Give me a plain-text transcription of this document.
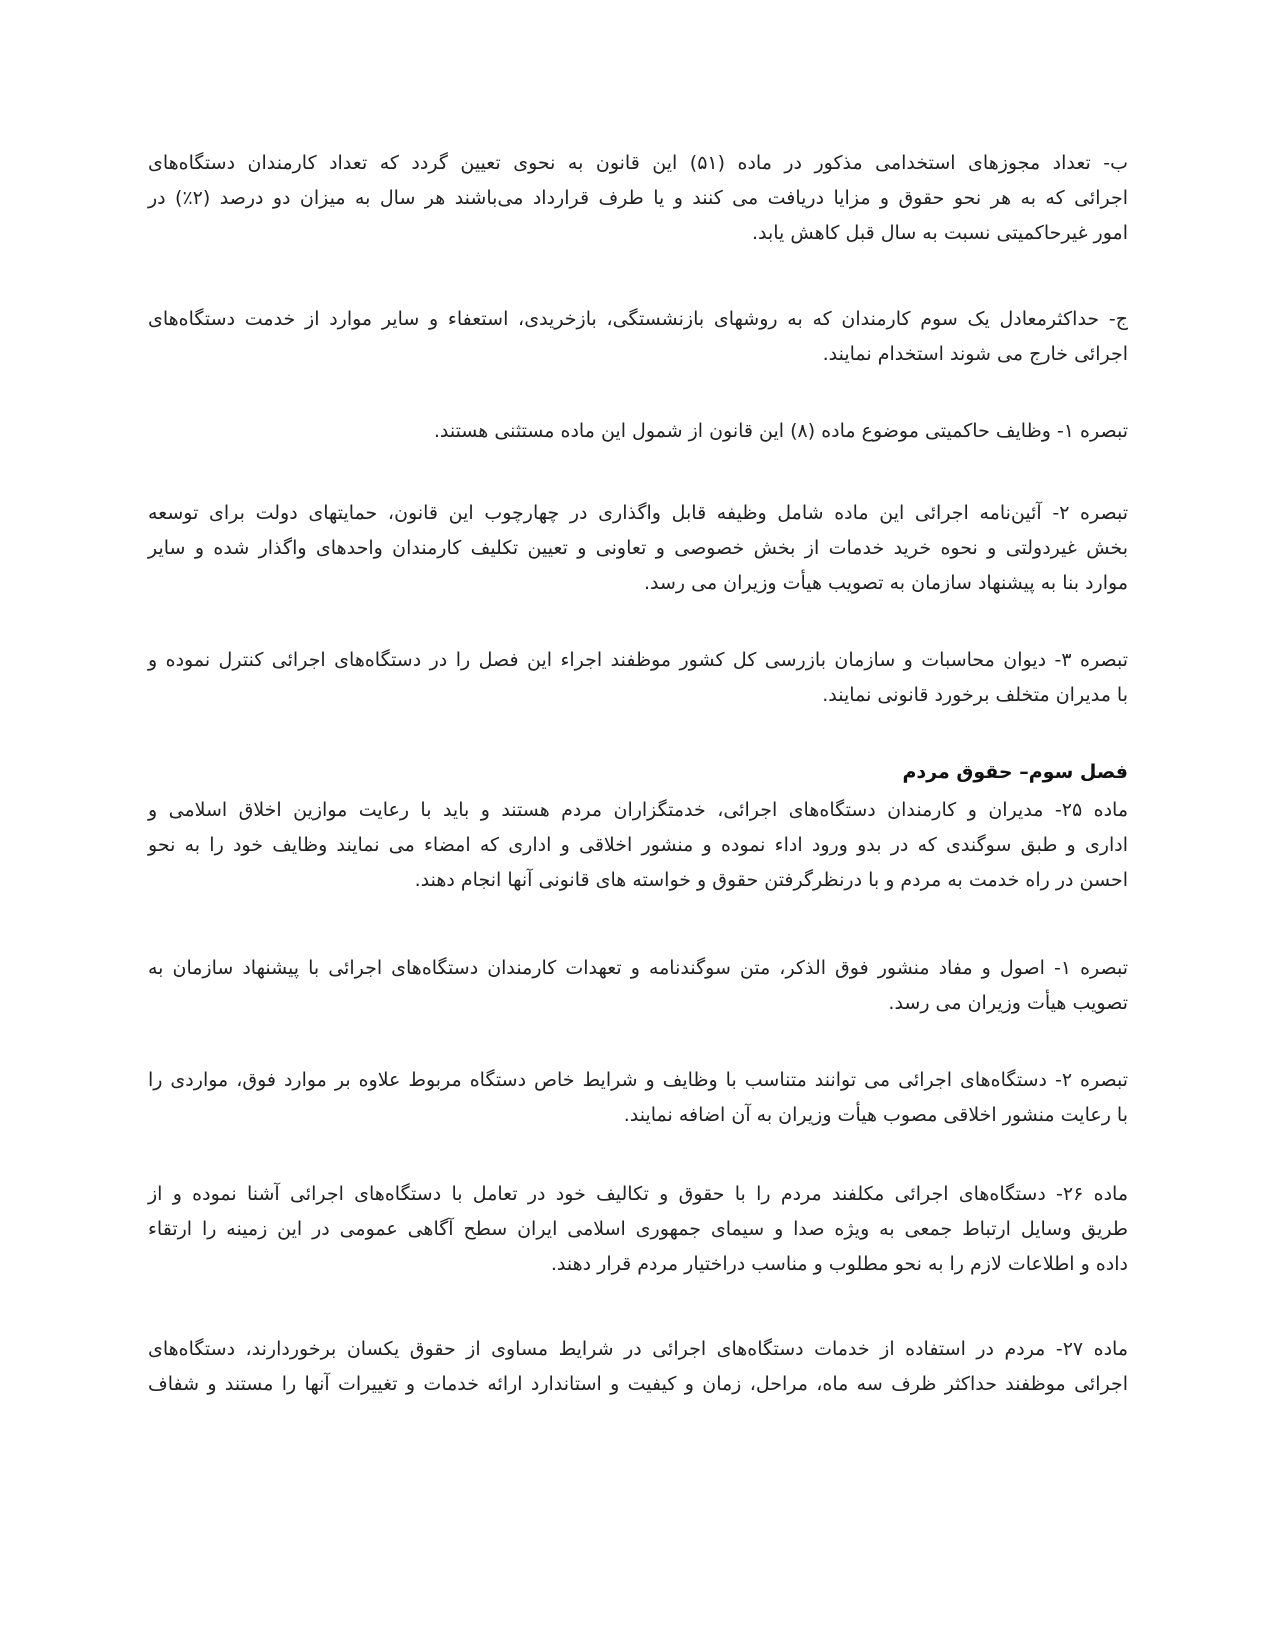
ب- تعداد مجوزهای استخدامی مذکور در ماده (۵۱) این قانون به نحوی تعیین گردد که تعداد کارمندان دستگاه‌های
اجرائی که به هر نحو حقوق و مزایا دریافت می کنند و یا طرف قرارداد می‌باشند هر سال به میزان دو درصد (۲٪) در
امور غیرحاکمیتی نسبت به سال قبل کاهش یابد.
ج- حداکثرمعادل یک سوم کارمندان که به روشهای بازنشستگی، بازخریدی، استعفاء و سایر موارد از خدمت دستگاه‌های
اجرائی خارج می شوند استخدام نمایند.
تبصره ۱- وظایف حاکمیتی موضوع ماده (۸) این قانون از شمول این ماده مستثنی هستند.
تبصره ۲- آئین‌نامه اجرائی این ماده شامل وظیفه قابل واگذاری در چهارچوب این قانون، حمایتهای دولت برای توسعه
بخش غیردولتی و نحوه خرید خدمات از بخش خصوصی و تعاونی و تعیین تکلیف کارمندان واحدهای واگذار شده و سایر
موارد بنا به پیشنهاد سازمان به تصویب هیأت وزیران می رسد.
تبصره ۳- دیوان محاسبات و سازمان بازرسی کل کشور موظفند اجراء این فصل را در دستگاه‌های اجرائی کنترل نموده و
با مدیران متخلف برخورد قانونی نمایند.
فصل سوم– حقوق مردم
ماده ۲۵- مدیران و کارمندان دستگاه‌های اجرائی، خدمتگزاران مردم هستند و باید با رعایت موازین اخلاق اسلامی و
اداری و طبق سوگندی که در بدو ورود اداء نموده و منشور اخلاقی و اداری که امضاء می نمایند وظایف خود را به نحو
احسن در راه خدمت به مردم و با درنظرگرفتن حقوق و خواسته های قانونی آنها انجام دهند.
تبصره ۱- اصول و مفاد منشور فوق الذکر، متن سوگندنامه و تعهدات کارمندان دستگاه‌های اجرائی با پیشنهاد سازمان به
تصویب هیأت وزیران می رسد.
تبصره ۲- دستگاه‌های اجرائی می توانند متناسب با وظایف و شرایط خاص دستگاه مربوط علاوه بر موارد فوق، مواردی را
با رعایت منشور اخلاقی مصوب هیأت وزیران به آن اضافه نمایند.
ماده ۲۶- دستگاه‌های اجرائی مکلفند مردم را با حقوق و تکالیف خود در تعامل با دستگاه‌های اجرائی آشنا نموده و از
طریق وسایل ارتباط جمعی به ویژه صدا و سیمای جمهوری اسلامی ایران سطح آگاهی عمومی در این زمینه را ارتقاء
داده و اطلاعات لازم را به نحو مطلوب و مناسب دراختیار مردم قرار دهند.
ماده ۲۷- مردم در استفاده از خدمات دستگاه‌های اجرائی در شرایط مساوی از حقوق یکسان برخوردارند، دستگاه‌های
اجرائی موظفند حداکثر ظرف سه ماه، مراحل، زمان و کیفیت و استاندارد ارائه خدمات و تغییرات آنها را مستند و شفاف
